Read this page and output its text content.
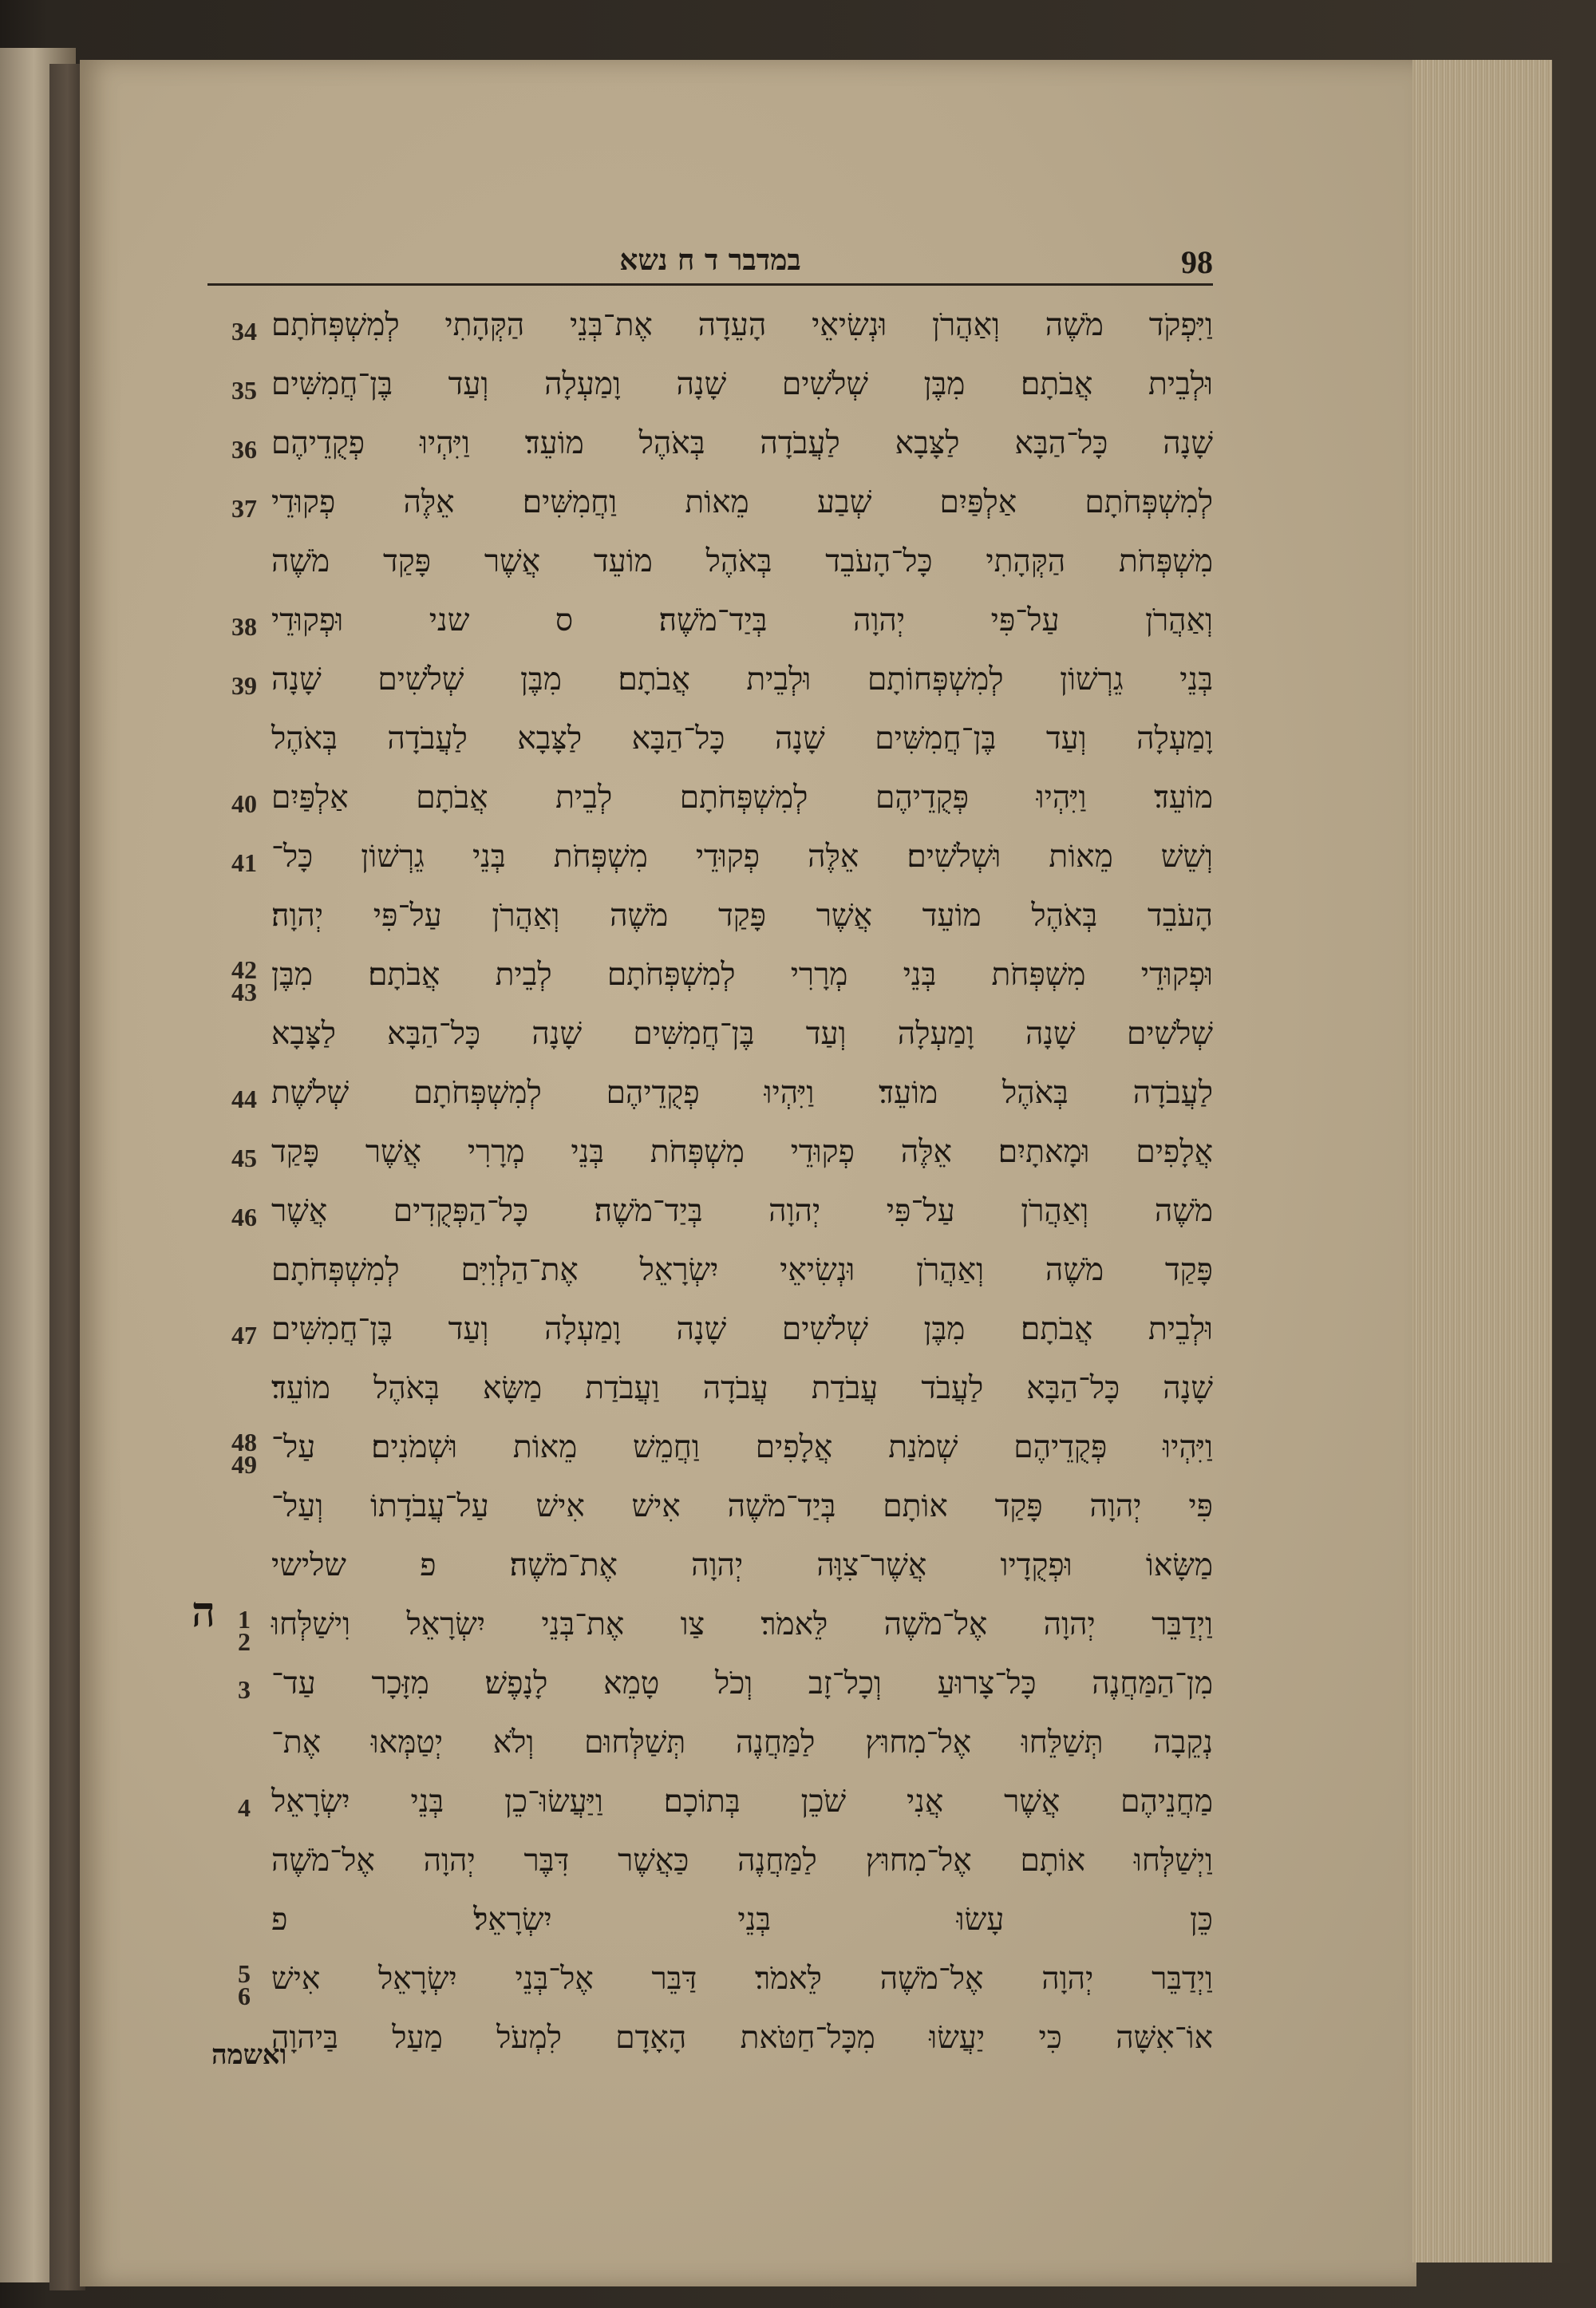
במדבר ד ח נשא	98
וַיִּפְקֹד מֹשֶׁה וְאַהֲרֹן וּנְשִׂיאֵי הָעֵדָה אֶת־בְּנֵי הַקְּהָתִי לְמִשְׁפְּחֹתָם
34
וּלְבֵית אֲבֹתָם׃ מִבֶּן שְׁלֹשִׁים שָׁנָה וָמַעְלָה וְעַד בֶּן־חֲמִשִּׁים
35
שָׁנָה כָּל־הַבָּא לַצָּבָא לַעֲבֹדָה בְּאֹהֶל מוֹעֵד׃ וַיִּהְיוּ פְקֻדֵיהֶם
36
לְמִשְׁפְּחֹתָם אַלְפַּיִם שְׁבַע מֵאוֹת וַחֲמִשִּׁים׃ אֵלֶּה פְקוּדֵי
37
מִשְׁפְּחֹת הַקְּהָתִי כָּל־הָעֹבֵד בְּאֹהֶל מוֹעֵד אֲשֶׁר פָּקַד מֹשֶׁה
וְאַהֲרֹן עַל־פִּי יְהוָה בְּיַד־מֹשֶׁה׃ ס שני וּפְקוּדֵי
38
בְּנֵי גֵרְשׁוֹן לְמִשְׁפְּחוֹתָם וּלְבֵית אֲבֹתָם׃ מִבֶּן שְׁלֹשִׁים שָׁנָה
39
וָמַעְלָה וְעַד בֶּן־חֲמִשִּׁים שָׁנָה כָּל־הַבָּא לַצָּבָא לַעֲבֹדָה בְּאֹהֶל
מוֹעֵד׃ וַיִּהְיוּ פְּקֻדֵיהֶם לְמִשְׁפְּחֹתָם לְבֵית אֲבֹתָם אַלְפַּיִם
40
וְשֵׁשׁ מֵאוֹת וּשְׁלֹשִׁים׃ אֵלֶּה פְקוּדֵי מִשְׁפְּחֹת בְּנֵי גֵרְשׁוֹן כָּל־
41
הָעֹבֵד בְּאֹהֶל מוֹעֵד אֲשֶׁר פָּקַד מֹשֶׁה וְאַהֲרֹן עַל־פִּי יְהוָה׃
וּפְקוּדֵי מִשְׁפְּחֹת בְּנֵי מְרָרִי לְמִשְׁפְּחֹתָם לְבֵית אֲבֹתָם׃ מִבֶּן
42
43
שְׁלֹשִׁים שָׁנָה וָמַעְלָה וְעַד בֶּן־חֲמִשִּׁים שָׁנָה כָּל־הַבָּא לַצָּבָא
לַעֲבֹדָה בְּאֹהֶל מוֹעֵד׃ וַיִּהְיוּ פְקֻדֵיהֶם לְמִשְׁפְּחֹתָם שְׁלֹשֶׁת
44
אֲלָפִים וּמָאתָיִם׃ אֵלֶּה פְקוּדֵי מִשְׁפְּחֹת בְּנֵי מְרָרִי אֲשֶׁר פָּקַד
45
מֹשֶׁה וְאַהֲרֹן עַל־פִּי יְהוָה בְּיַד־מֹשֶׁה׃ כָּל־הַפְּקֻדִים אֲשֶׁר
46
פָּקַד מֹשֶׁה וְאַהֲרֹן וּנְשִׂיאֵי יִשְׂרָאֵל אֶת־הַלְוִיִּם לְמִשְׁפְּחֹתָם
וּלְבֵית אֲבֹתָם׃ מִבֶּן שְׁלֹשִׁים שָׁנָה וָמַעְלָה וְעַד בֶּן־חֲמִשִּׁים
47
שָׁנָה כָּל־הַבָּא לַעֲבֹד עֲבֹדַת עֲבֹדָה וַעֲבֹדַת מַשָּׂא בְּאֹהֶל מוֹעֵד׃
וַיִּהְיוּ פְּקֻדֵיהֶם שְׁמֹנַת אֲלָפִים וַחֲמֵשׁ מֵאוֹת וּשְׁמֹנִים׃ עַל־
48
49
פִּי יְהוָה פָּקַד אוֹתָם בְּיַד־מֹשֶׁה אִישׁ אִישׁ עַל־עֲבֹדָתוֹ וְעַל־
מַשָּׂאוֹ וּפְקֻדָיו אֲשֶׁר־צִוָּה יְהוָה אֶת־מֹשֶׁה׃ פ שלישי
וַיְדַבֵּר יְהוָה אֶל־מֹשֶׁה לֵּאמֹר׃ צַו אֶת־בְּנֵי יִשְׂרָאֵל וִישַׁלְּחוּ
1
2
מִן־הַמַּחֲנֶה כָּל־צָרוּעַ וְכָל־זָב וְכֹל טָמֵא לָנָפֶשׁ׃ מִזָּכָר עַד־
3
נְקֵבָה תְּשַׁלֵּחוּ אֶל־מִחוּץ לַמַּחֲנֶה תְּשַׁלְּחוּם וְלֹא יְטַמְּאוּ אֶת־
מַחֲנֵיהֶם אֲשֶׁר אֲנִי שֹׁכֵן בְּתוֹכָם׃ וַיַּעֲשׂוּ־כֵן בְּנֵי יִשְׂרָאֵל
4
וַיְשַׁלְּחוּ אוֹתָם אֶל־מִחוּץ לַמַּחֲנֶה כַּאֲשֶׁר דִּבֶּר יְהוָה אֶל־מֹשֶׁה
כֵּן עָשׂוּ בְּנֵי יִשְׂרָאֵל׃ פ
וַיְדַבֵּר יְהוָה אֶל־מֹשֶׁה לֵּאמֹר׃ דַּבֵּר אֶל־בְּנֵי יִשְׂרָאֵל אִישׁ
5
6
אוֹ־אִשָּׁה כִּי יַעֲשׂוּ מִכָּל־חַטֹּאת הָאָדָם לִמְעֹל מַעַל בַּיהוָה
ה
ואשמה
